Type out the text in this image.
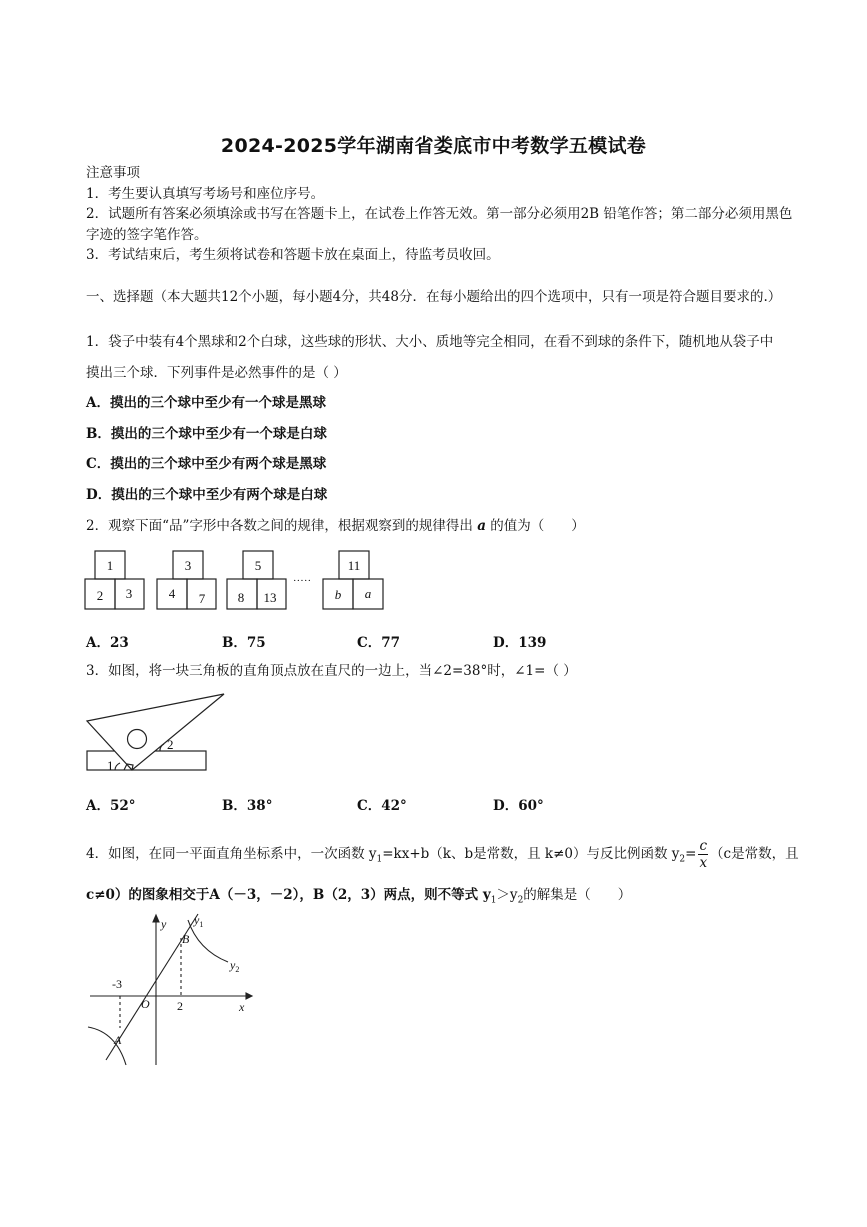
2024-2025学年湖南省娄底市中考数学五模试卷
注意事项
1．考生要认真填写考场号和座位序号。
2．试题所有答案必须填涂或书写在答题卡上，在试卷上作答无效。第一部分必须用2B 铅笔作答；第二部分必须用黑色字迹的签字笔作答。
3．考试结束后，考生须将试卷和答题卡放在桌面上，待监考员收回。
一、选择题（本大题共12个小题，每小题4分，共48分．在每小题给出的四个选项中，只有一项是符合题目要求的.）
1．袋子中装有4个黑球和2个白球，这些球的形状、大小、质地等完全相同，在看不到球的条件下，随机地从袋子中
摸出三个球．下列事件是必然事件的是（ ）
A．摸出的三个球中至少有一个球是黑球
B．摸出的三个球中至少有一个球是白球
C．摸出的三个球中至少有两个球是黑球
D．摸出的三个球中至少有两个球是白球
2．观察下面“品”字形中各数之间的规律，根据观察到的规律得出 a 的值为（　　）
1
2 3
3
4 7
5
8 13
·····
11
b a
A．23	B．75	C．77	D．139
3．如图，将一块三角板的直角顶点放在直尺的一边上，当∠2=38°时，∠1=（ ）
1
2
A．52°	B．38°	C．42°	D．60°
4．如图，在同一平面直角坐标系中，一次函数 $y_1=kx+b(k$、b是常数，且 k≠0）与反比例函数 $y_2= \frac{c}{x} (c$是常数，且
c≠0）的图象相交于A（－3，－2），B（2，3）两点，则不等式 $y_1>y_2$的解集是（　　）
y
x
O
B
A
$y_1$
$y_2$
-3
2
